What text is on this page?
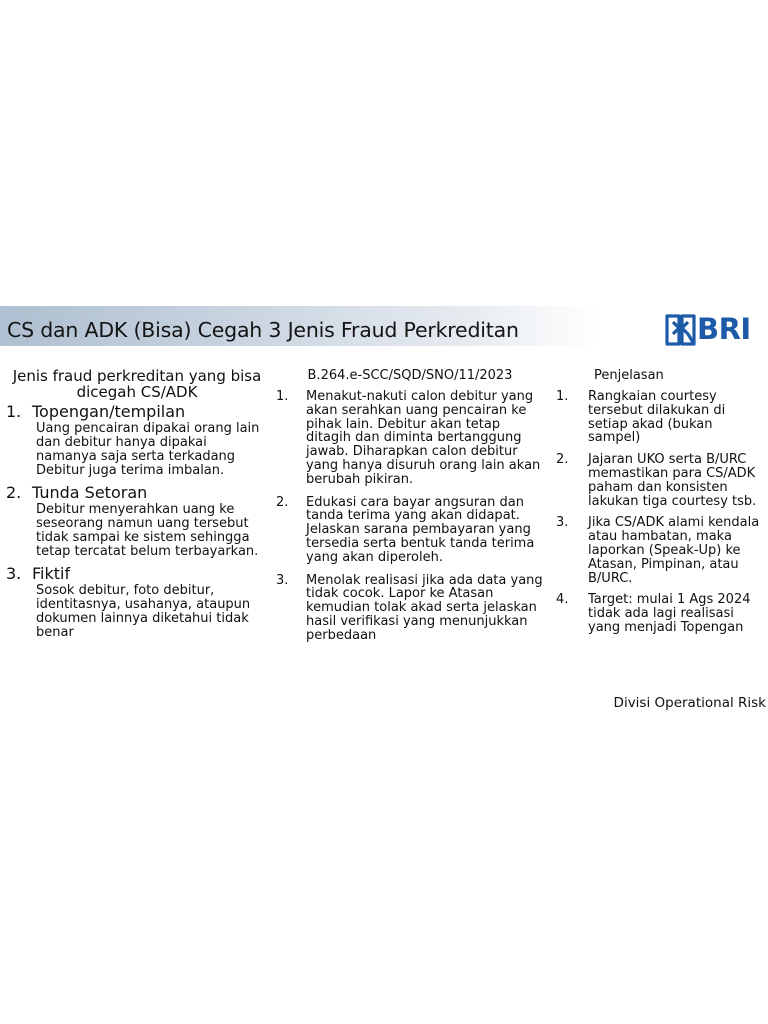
CS dan ADK (Bisa) Cegah 3 Jenis Fraud Perkreditan	BRI
Jenis fraud perkreditan yang bisa dicegah CS/ADK
1. Topengan/tempilan
Uang pencairan dipakai orang lain dan debitur hanya dipakai namanya saja serta terkadang Debitur juga terima imbalan.
2. Tunda Setoran
Debitur menyerahkan uang ke seseorang namun uang tersebut tidak sampai ke sistem sehingga tetap tercatat belum terbayarkan.
3. Fiktif
Sosok debitur, foto debitur, identitasnya, usahanya, ataupun dokumen lainnya diketahui tidak benar
B.264.e-SCC/SQD/SNO/11/2023
1. Menakut-nakuti calon debitur yang akan serahkan uang pencairan ke pihak lain. Debitur akan tetap ditagih dan diminta bertanggung jawab. Diharapkan calon debitur yang hanya disuruh orang lain akan berubah pikiran.
2. Edukasi cara bayar angsuran dan tanda terima yang akan didapat. Jelaskan sarana pembayaran yang tersedia serta bentuk tanda terima yang akan diperoleh.
3. Menolak realisasi jika ada data yang tidak cocok. Lapor ke Atasan kemudian tolak akad serta jelaskan hasil verifikasi yang menunjukkan perbedaan
Penjelasan
1. Rangkaian courtesy tersebut dilakukan di setiap akad (bukan sampel)
2. Jajaran UKO serta B/URC memastikan para CS/ADK paham dan konsisten lakukan tiga courtesy tsb.
3. Jika CS/ADK alami kendala atau hambatan, maka laporkan (Speak-Up) ke Atasan, Pimpinan, atau B/URC.
4. Target: mulai 1 Ags 2024 tidak ada lagi realisasi yang menjadi Topengan
Divisi Operational Risk
